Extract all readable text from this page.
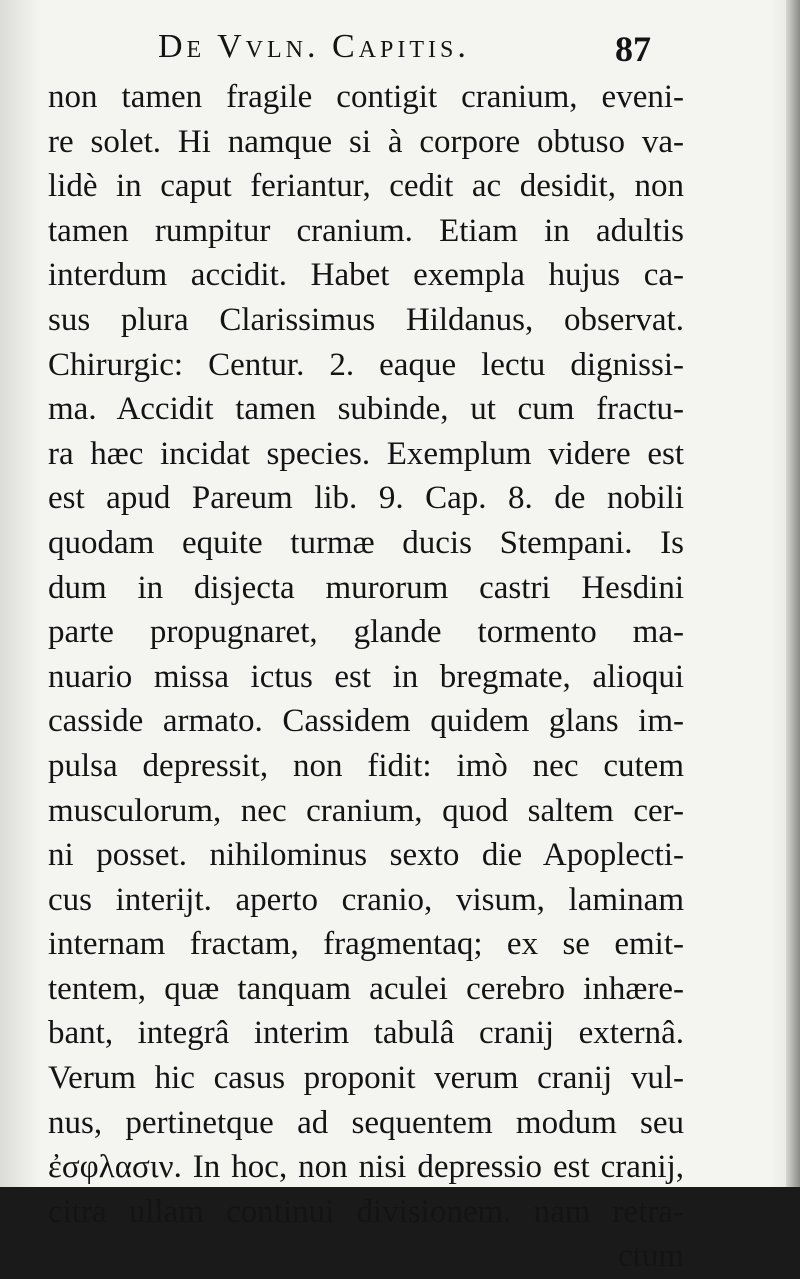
De Vvln. Capitis.	87
non tamen fragile contigit cranium, eveni-
re solet. Hi namque si à corpore obtuso va-
lidè in caput feriantur, cedit ac desidit, non
tamen rumpitur cranium. Etiam in adultis
interdum accidit. Habet exempla hujus ca-
sus plura Clarissimus Hildanus, observat.
Chirurgic: Centur. 2. eaque lectu dignissi-
ma. Accidit tamen subinde, ut cum fractu-
ra hæc incidat species. Exemplum videre est
est apud Pareum lib. 9. Cap. 8. de nobili
quodam equite turmæ ducis Stempani. Is
dum in disjecta murorum castri Hesdini
parte propugnaret, glande tormento ma-
nuario missa ictus est in bregmate, alioqui
casside armato. Cassidem quidem glans im-
pulsa depressit, non fidit: imò nec cutem
musculorum, nec cranium, quod saltem cer-
ni posset. nihilominus sexto die Apoplecti-
cus interijt. aperto cranio, visum, laminam
internam fractam, fragmentaq; ex se emit-
tentem, quæ tanquam aculei cerebro inhære-
bant, integrâ interim tabulâ cranij externâ.
Verum hic casus proponit verum cranij vul-
nus, pertinetque ad sequentem modum seu
ἐσφλασιν. In hoc, non nisi depressio est cranij,
citra ullam continui divisionem. nam retra-
ctum
